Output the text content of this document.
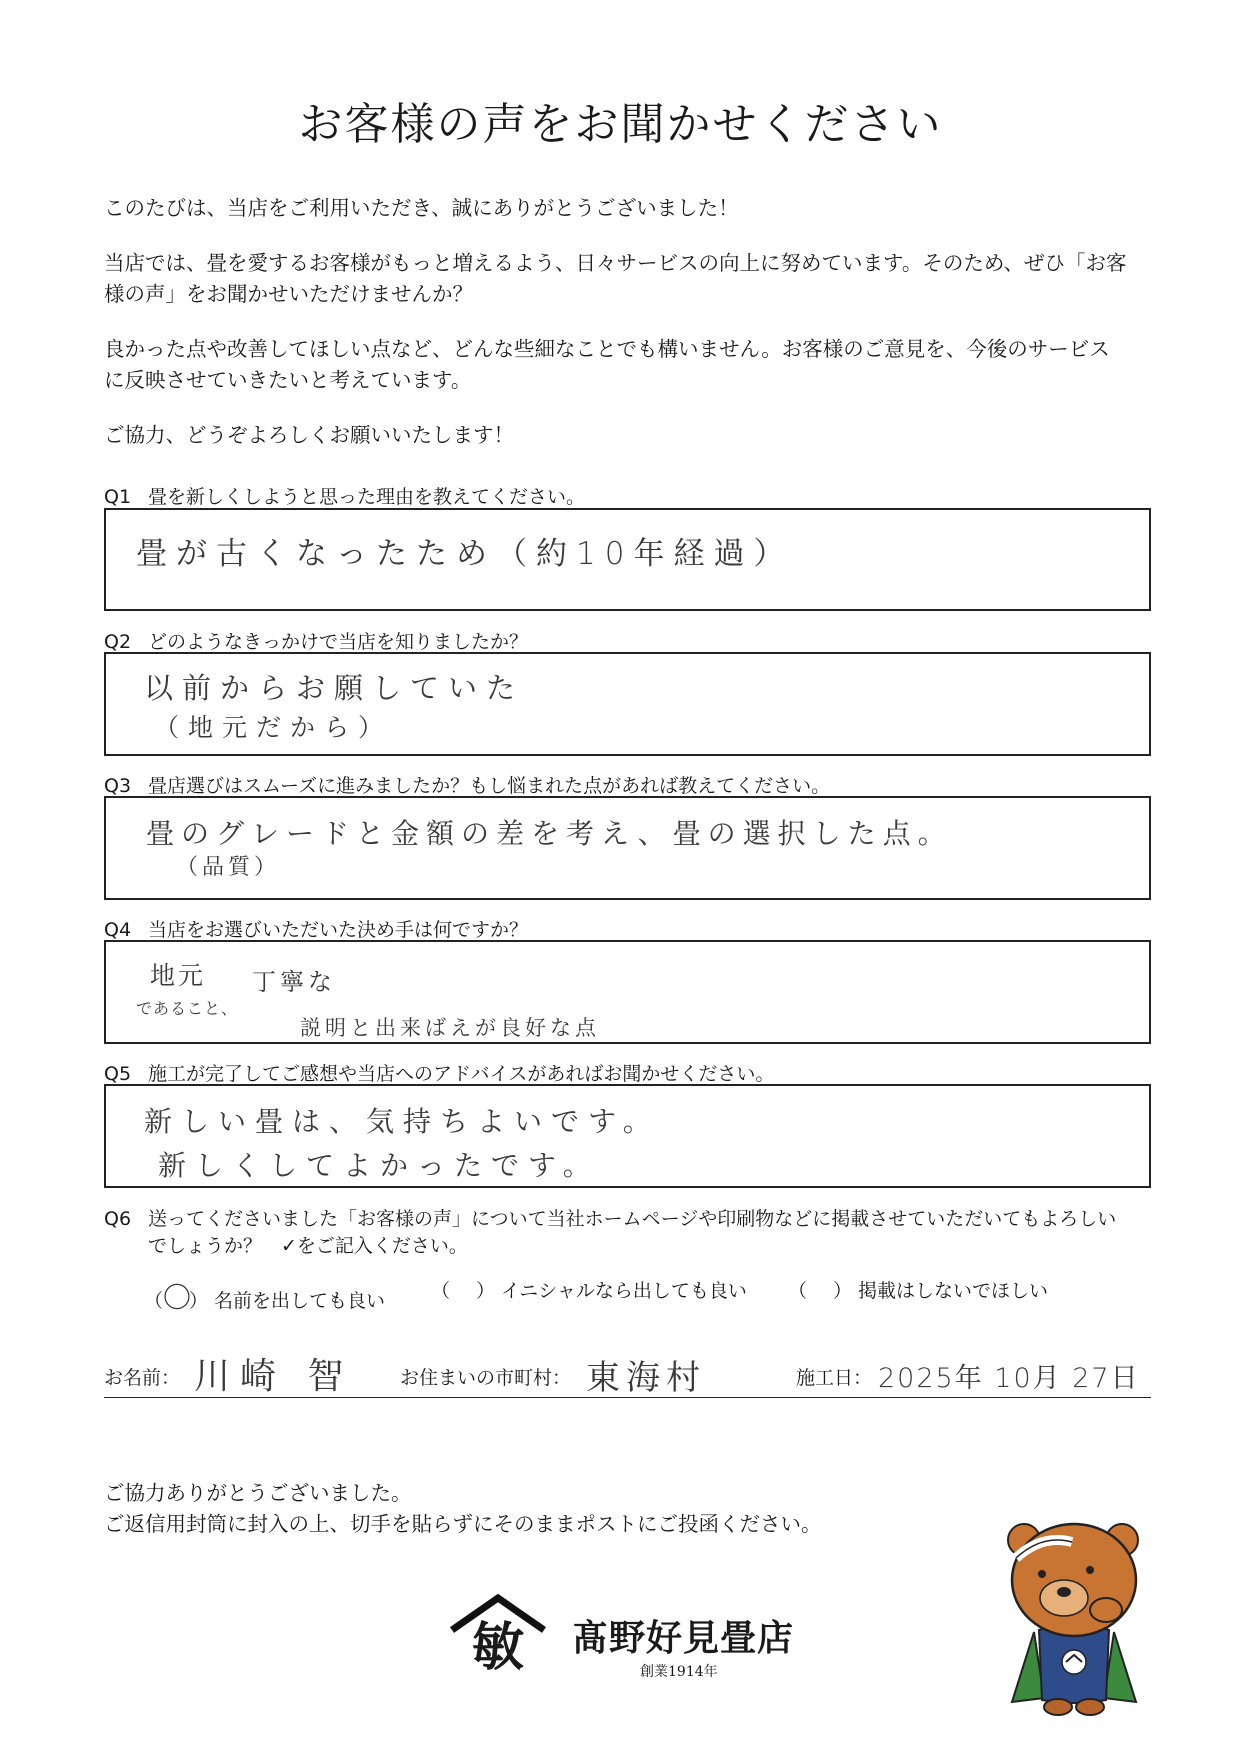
お客様の声をお聞かせください
このたびは、当店をご利用いただき、誠にありがとうございました！
当店では、畳を愛するお客様がもっと増えるよう、日々サービスの向上に努めています。そのため、ぜひ「お客
様の声」をお聞かせいただけませんか？
良かった点や改善してほしい点など、どんな些細なことでも構いません。お客様のご意見を、今後のサービス
に反映させていきたいと考えています。
ご協力、どうぞよろしくお願いいたします！
Q1 畳を新しくしようと思った理由を教えてください。
畳が古くなったため（約10年経過）
Q2 どのようなきっかけで当店を知りましたか？
以前からお願していた
（地元だから）
Q3 畳店選びはスムーズに進みましたか？もし悩まれた点があれば教えてください。
畳のグレードと金額の差を考え、畳の選択した点。
（品質）
Q4 当店をお選びいただいた決め手は何ですか？
地元
であること、
丁寧な
説明と出来ばえが良好な点
Q5 施工が完了してご感想や当店へのアドバイスがあればお聞かせください。
新しい畳は、気持ちよいです。
新しくしてよかったです。
Q6 送ってくださいました「お客様の声」について当社ホームページや印刷物などに掲載させていただいてもよろしい
でしょうか？　✓をご記入ください。
（〇） 名前を出しても良い （ ） イニシャルなら出しても良い （ ） 掲載はしないでほしい
お名前： 川崎 智 お住まいの市町村： 東海村	施工日： 2025年 10月 27日
ご協力ありがとうございました。
ご返信用封筒に封入の上、切手を貼らずにそのままポストにご投函ください。
敏 髙野好見畳店
創業1914年
